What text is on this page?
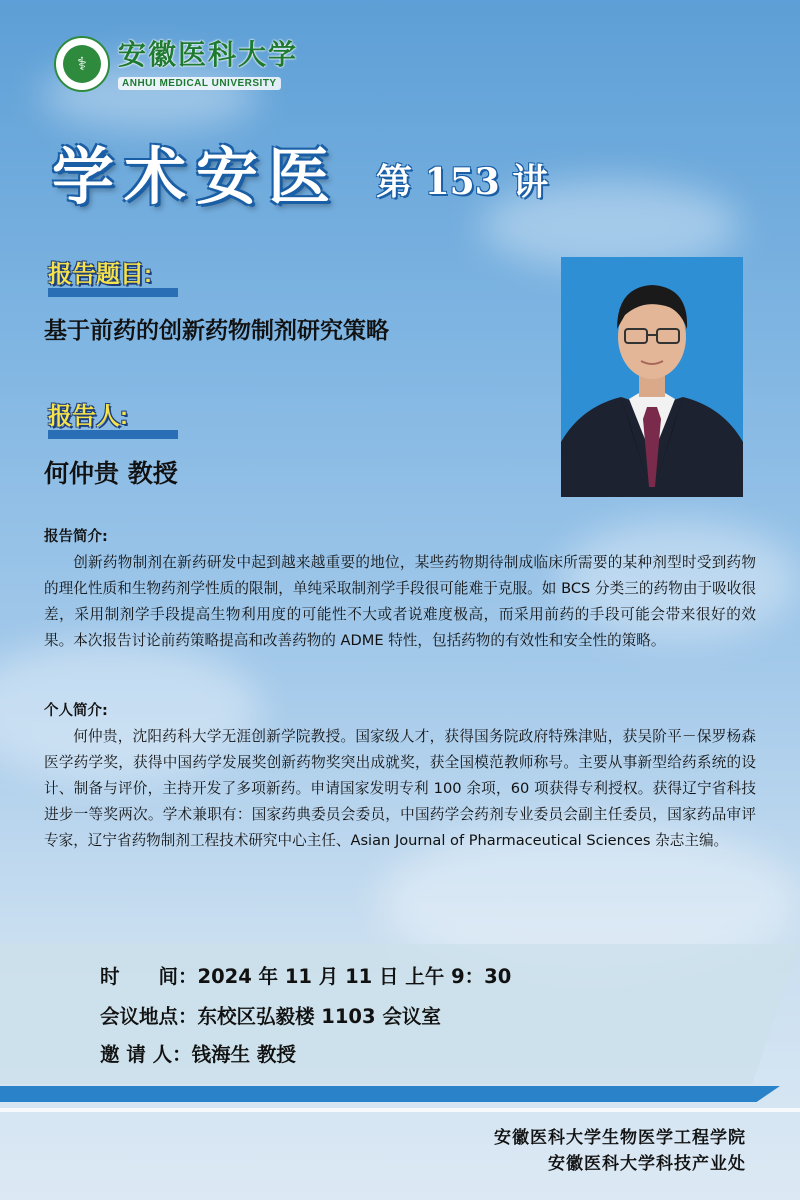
⚕	安徽医科大学
ANHUI MEDICAL UNIVERSITY
学术安医 第 153 讲
报告题目:
基于前药的创新药物制剂研究策略
报告人:
何仲贵 教授
报告简介:

创新药物制剂在新药研发中起到越来越重要的地位，某些药物期待制成临床所需要的某种剂型时受到药物的理化性质和生物药剂学性质的限制，单纯采取制剂学手段很可能难于克服。如 BCS 分类三的药物由于吸收很差，采用制剂学手段提高生物利用度的可能性不大或者说难度极高，而采用前药的手段可能会带来很好的效果。本次报告讨论前药策略提高和改善药物的 ADME 特性，包括药物的有效性和安全性的策略。

个人简介:

何仲贵，沈阳药科大学无涯创新学院教授。国家级人才，获得国务院政府特殊津贴，获吴阶平－保罗杨森医学药学奖，获得中国药学发展奖创新药物奖突出成就奖，获全国模范教师称号。主要从事新型给药系统的设计、制备与评价，主持开发了多项新药。申请国家发明专利 100 余项，60 项获得专利授权。获得辽宁省科技进步一等奖两次。学术兼职有：国家药典委员会委员，中国药学会药剂专业委员会副主任委员，国家药品审评专家，辽宁省药物制剂工程技术研究中心主任、Asian Journal of Pharmaceutical Sciences 杂志主编。

时　　间：2024 年 11 月 11 日 上午 9：30
会议地点：东校区弘毅楼 1103 会议室
邀 请 人：钱海生 教授
安徽医科大学生物医学工程学院
安徽医科大学科技产业处
